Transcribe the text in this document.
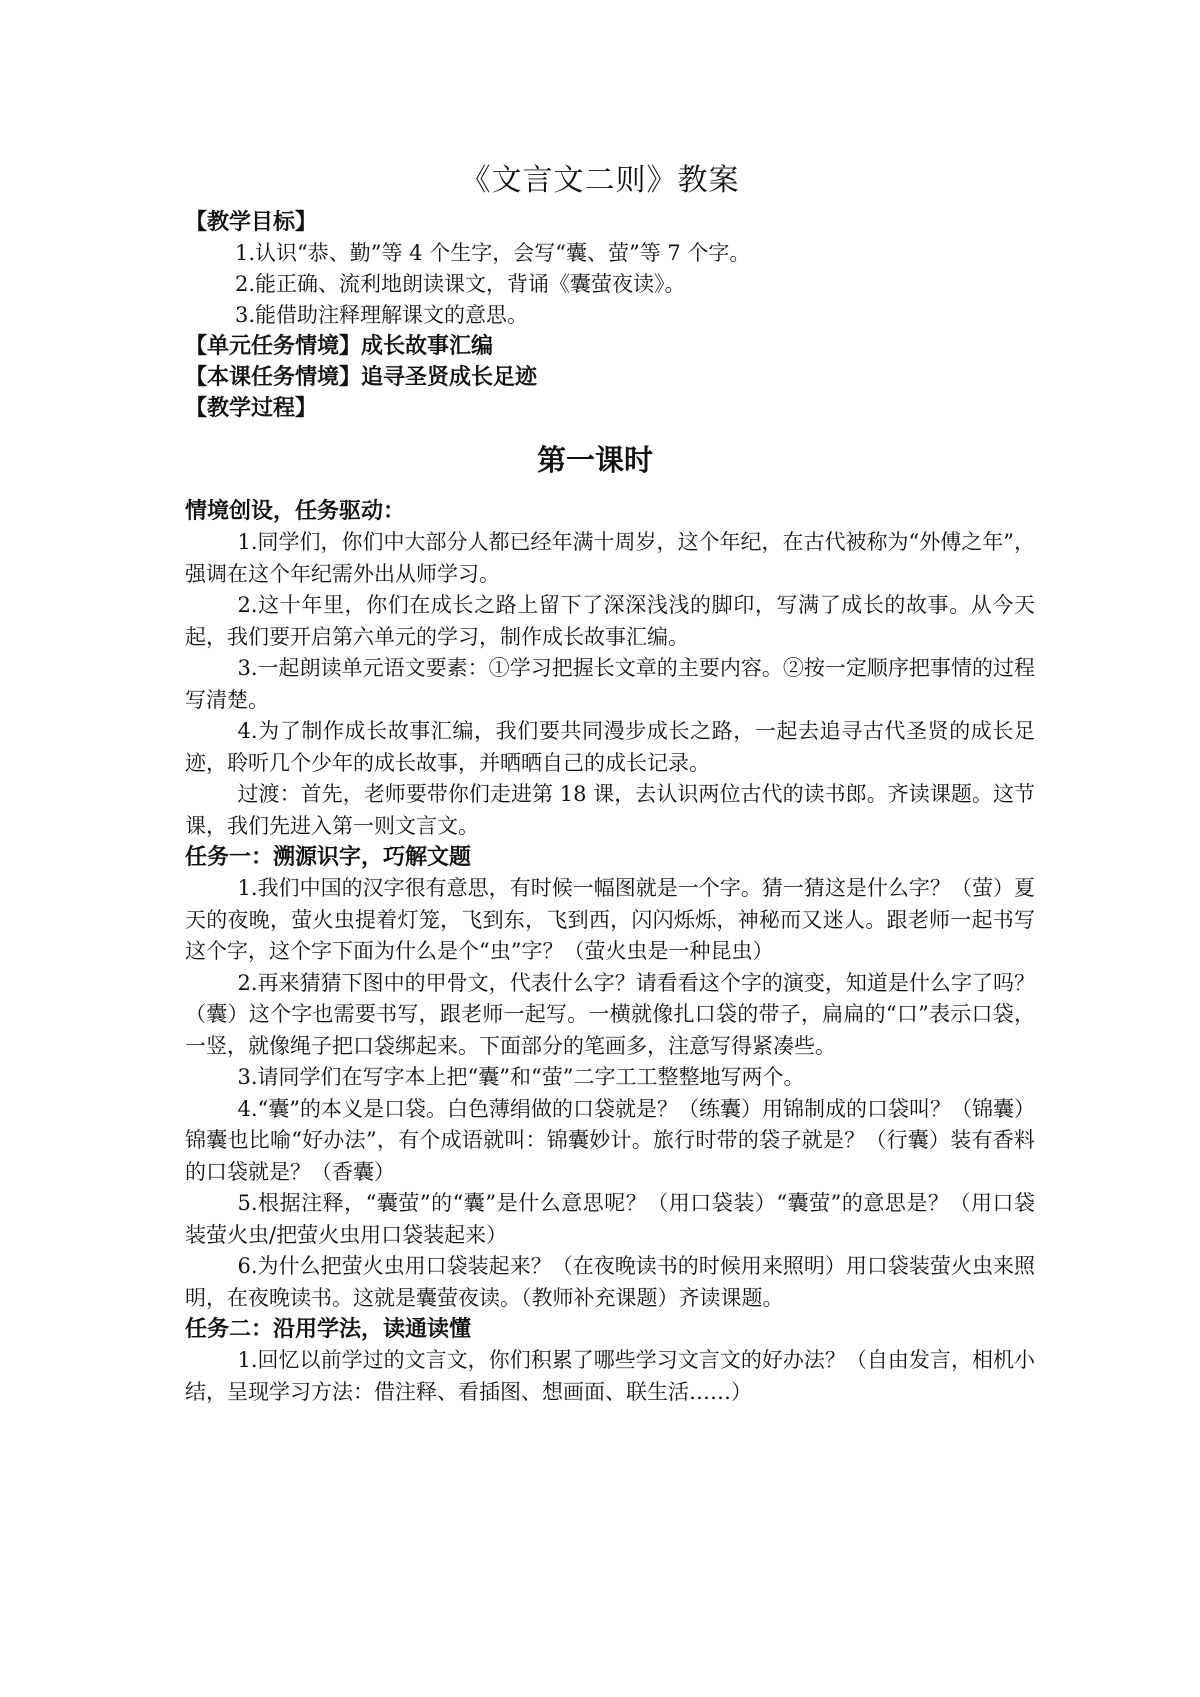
《文言文二则》教案
【教学目标】
1.认识“恭、勤”等 4 个生字，会写“囊、萤”等 7 个字。
2.能正确、流利地朗读课文，背诵《囊萤夜读》。
3.能借助注释理解课文的意思。
【单元任务情境】成长故事汇编
【本课任务情境】追寻圣贤成长足迹
【教学过程】
第一课时
情境创设，任务驱动：

1.同学们，你们中大部分人都已经年满十周岁，这个年纪，在古代被称为“外傅之年”，强调在这个年纪需外出从师学习。

2.这十年里，你们在成长之路上留下了深深浅浅的脚印，写满了成长的故事。从今天起，我们要开启第六单元的学习，制作成长故事汇编。

3.一起朗读单元语文要素：①学习把握长文章的主要内容。②按一定顺序把事情的过程写清楚。

4.为了制作成长故事汇编，我们要共同漫步成长之路，一起去追寻古代圣贤的成长足迹，聆听几个少年的成长故事，并晒晒自己的成长记录。

过渡：首先，老师要带你们走进第 18 课，去认识两位古代的读书郎。齐读课题。这节课，我们先进入第一则文言文。

任务一：溯源识字，巧解文题

1.我们中国的汉字很有意思，有时候一幅图就是一个字。猜一猜这是什么字？（萤）夏天的夜晚，萤火虫提着灯笼，飞到东，飞到西，闪闪烁烁，神秘而又迷人。跟老师一起书写这个字，这个字下面为什么是个“虫”字？（萤火虫是一种昆虫）

2.再来猜猜下图中的甲骨文，代表什么字？请看看这个字的演变，知道是什么字了吗？（囊）这个字也需要书写，跟老师一起写。一横就像扎口袋的带子，扁扁的“口”表示口袋，一竖，就像绳子把口袋绑起来。下面部分的笔画多，注意写得紧凑些。

3.请同学们在写字本上把“囊”和“萤”二字工工整整地写两个。

4.“囊”的本义是口袋。白色薄绢做的口袋就是？（练囊）用锦制成的口袋叫？（锦囊）锦囊也比喻“好办法”，有个成语就叫：锦囊妙计。旅行时带的袋子就是？（行囊）装有香料的口袋就是？（香囊）

5.根据注释，“囊萤”的“囊”是什么意思呢？（用口袋装）“囊萤”的意思是？（用口袋装萤火虫/把萤火虫用口袋装起来）

6.为什么把萤火虫用口袋装起来？（在夜晚读书的时候用来照明）用口袋装萤火虫来照明，在夜晚读书。这就是囊萤夜读。（教师补充课题）齐读课题。

任务二：沿用学法，读通读懂

1.回忆以前学过的文言文，你们积累了哪些学习文言文的好办法？（自由发言，相机小结，呈现学习方法：借注释、看插图、想画面、联生活……）
